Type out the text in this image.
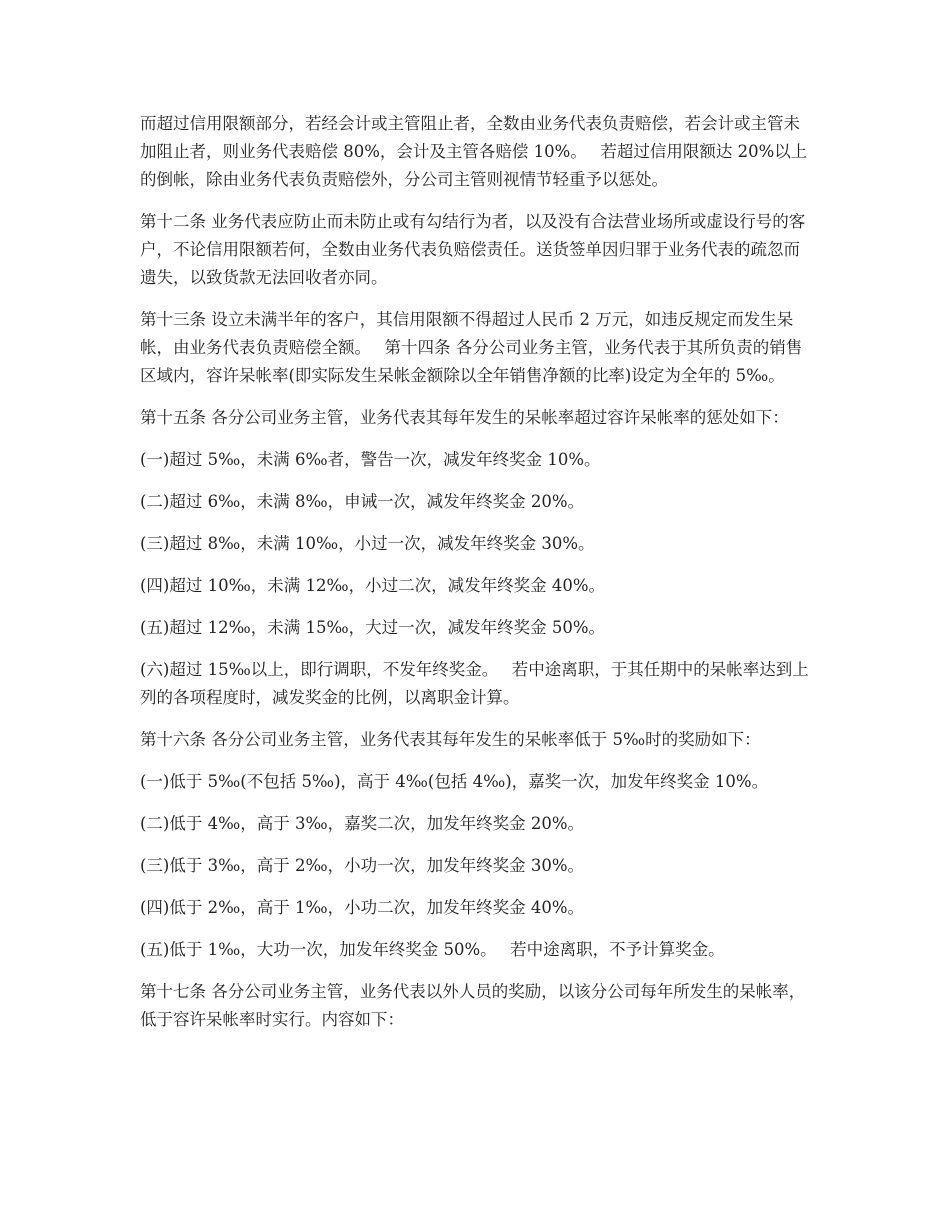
而超过信用限额部分，若经会计或主管阻止者，全数由业务代表负责赔偿，若会计或主管未加阻止者，则业务代表赔偿 80%，会计及主管各赔偿 10%。　 若超过信用限额达 20%以上的倒帐，除由业务代表负责赔偿外，分公司主管则视情节轻重予以惩处。

第十二条 业务代表应防止而未防止或有勾结行为者，以及没有合法营业场所或虚设行号的客户，不论信用限额若何，全数由业务代表负赔偿责任。送货签单因归罪于业务代表的疏忽而遗失，以致货款无法回收者亦同。

第十三条 设立未满半年的客户，其信用限额不得超过人民币 2 万元，如违反规定而发生呆帐，由业务代表负责赔偿全额。　 第十四条 各分公司业务主管，业务代表于其所负责的销售区域内，容许呆帐率(即实际发生呆帐金额除以全年销售净额的比率)设定为全年的 5‰。

第十五条 各分公司业务主管，业务代表其每年发生的呆帐率超过容许呆帐率的惩处如下：

(一)超过 5‰，未满 6‰者，警告一次，减发年终奖金 10%。

(二)超过 6‰，未满 8‰，申诫一次，减发年终奖金 20%。

(三)超过 8‰，未满 10‰，小过一次，减发年终奖金 30%。

(四)超过 10‰，未满 12‰，小过二次，减发年终奖金 40%。

(五)超过 12‰，未满 15‰，大过一次，减发年终奖金 50%。

(六)超过 15‰以上，即行调职，不发年终奖金。　 若中途离职，于其任期中的呆帐率达到上列的各项程度时，减发奖金的比例，以离职金计算。

第十六条 各分公司业务主管，业务代表其每年发生的呆帐率低于 5‰时的奖励如下：

(一)低于 5‰(不包括 5‰)，高于 4‰(包括 4‰)，嘉奖一次，加发年终奖金 10%。

(二)低于 4‰，高于 3‰，嘉奖二次，加发年终奖金 20%。

(三)低于 3‰，高于 2‰，小功一次，加发年终奖金 30%。

(四)低于 2‰，高于 1‰，小功二次，加发年终奖金 40%。

(五)低于 1‰，大功一次，加发年终奖金 50%。　 若中途离职，不予计算奖金。

第十七条 各分公司业务主管，业务代表以外人员的奖励，以该分公司每年所发生的呆帐率，低于容许呆帐率时实行。内容如下：
